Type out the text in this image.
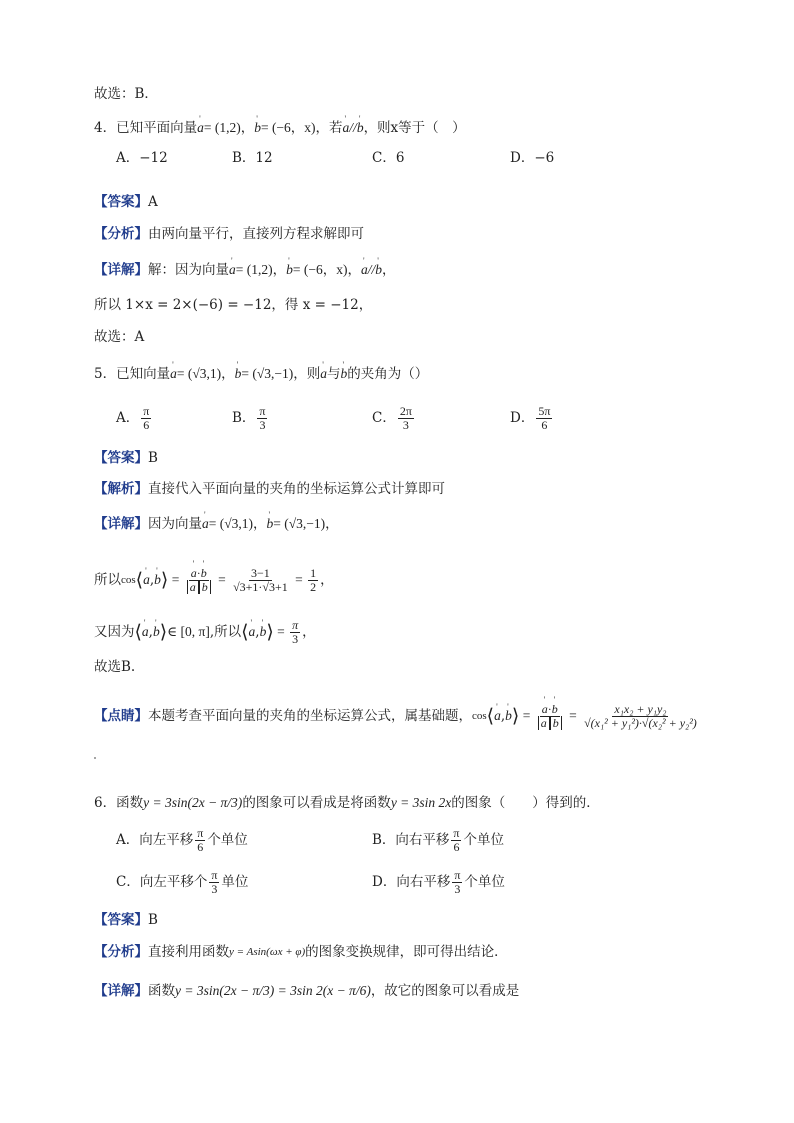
故选：B．
4．已知平面向量 ' a = (1,2) ， ' b = (−6，x) ，若 ' a // ' b ，则x等于（　）
A．−12	B．12	C．6	D．−6
【答案】 A
【分析】 由两向量平行，直接列方程求解即可
【详解】 解：因为向量 ' a = (1,2) ， ' b = (−6，x) ， ' a // ' b ，
所以 1×x = 2×(−6) = −12，得 x = −12，
故选：A
5．已知向量 ' a = (√3,1) ， ' b = (√3,−1) ，则 ' a 与 ' b 的夹角为（）
A． $\frac{\pi}{6}$	B． $\frac{\pi}{3}$	C． $\frac{2\pi}{3}$	D． $\frac{5\pi}{6}$
【答案】 B
【解析】 直接代入平面向量的夹角的坐标运算公式计算即可
【详解】 因为向量 ' a = (√3,1) ， ' b = (√3,−1) ，
所以 cos ⟨ ' a , ' b ⟩ = ' $\frac{a\cdot' b}{\text{a b}} = \frac{3-1}{√3+1\cdot√3+1} = \frac{1}{2}$ ，
又因为 ⟨ ' a , ' b ⟩ ∈ [0, π] ,所以 ⟨ ' a , ' b ⟩ = $\frac{\pi}{3}$ ，
故选B.
【点睛】 本题考查平面向量的夹角的坐标运算公式，属基础题， cos ⟨ ' a , ' b ⟩ = ' $\frac{a\cdot' b}{\text{a b}} = \frac{\text{x₁x₂ + y₁y₂}}{\text{√(x₁² + y₁²)·√(x₂² + y₂²)}}$
6．函数 y = 3sin(2x − π/3) 的图象可以看成是将函数 y = 3sin 2x 的图象（　　）得到的．
A． 向左平移 $\frac{\pi}{6}$ 个单位	B． 向右平移 $\frac{\pi}{6}$ 个单位
C． 向左平移个 $\frac{\pi}{3}$ 单位	D． 向右平移 $\frac{\pi}{3}$ 个单位
【答案】 B
【分析】 直接利用函数 y = Asin(ωx + φ) 的图象变换规律，即可得出结论．
【详解】 函数 y = 3sin(2x − π/3) = 3sin 2(x − π/6) ，故它的图象可以看成是
